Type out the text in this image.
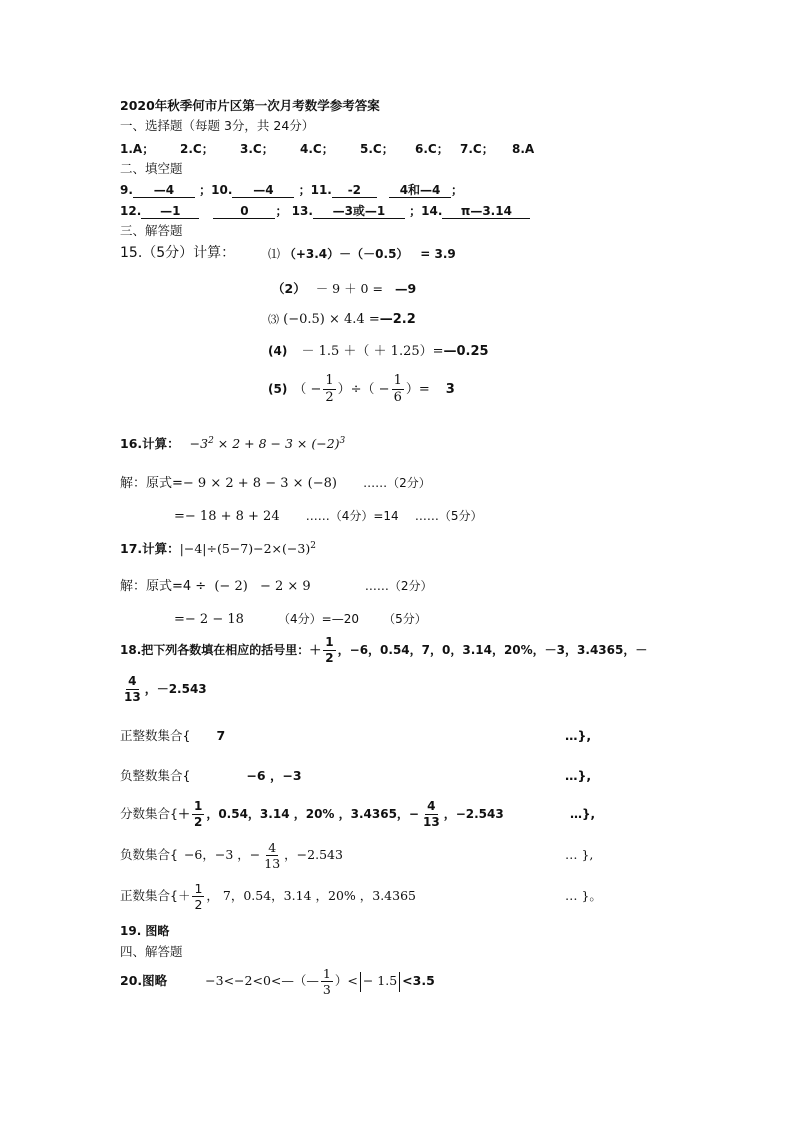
2020年秋季何市片区第一次月考数学参考答案
一、选择题（每题 3分，共 24分）
1.A； 2.C； 3.C； 4.C； 5.C； 6.C； 7.C； 8.A
二、填空题
9. —4 ；10. —4 ；11. -2	4和—4 ；
12. —1	0 ； 13. —3或—1 ；14. π—3.14
三、解答题
15.（5分）计算：	⑴ （+3.4）－（－0.5） = 3.9
（2） － 9 ＋ 0 = —9
⑶ (−0.5) × 4.4 =—2.2
(4) － 1.5 ＋（ ＋ 1.25）=—0.25
(5) （ − $\frac{1}{2}$ ）÷（ − $\frac{1}{6}$ ）= 3
16.计算： $-3^2 \times 2 + 8 - 3 \times (-2)^3$
解：原式=− 9 × 2 + 8 − 3 × (−8) ……（2分）
=− 18 + 8 + 24 ……（4分）=14 ……（5分）
17.计算：$|-4|\div(5-7)-2\times(-3)^2$
解：原式=4 ÷ (− 2) − 2 × 9	……（2分）
=− 2 − 18	（4分）=—20 （5分）
18.把下列各数填在相应的括号里： ＋ $\frac{1}{2}$ ，−6，0.54，7，0，3.14，20%，－3，3.4365，－
$\frac{4}{13}$ ，－2.543
正整数集合{ 7	…},
负整数集合{	−6 ，−3	…},
分数集合{ ＋ $\frac{1}{2}$ ，0.54，3.14 ，20% ，3.4365，− $\frac{4}{13}$ ，−2.543	…},
负数集合{ −6，−3 ，− $\frac{4}{13}$ ，−2.543	… },
正数集合{ ＋ $\frac{1}{2}$ ， 7，0.54，3.14 ，20% ，3.4365	… }。
19. 图略
四、解答题
20.图略	−3<−2<0<—（— $\frac{1}{3}$ ）< − 1.5 <3.5
